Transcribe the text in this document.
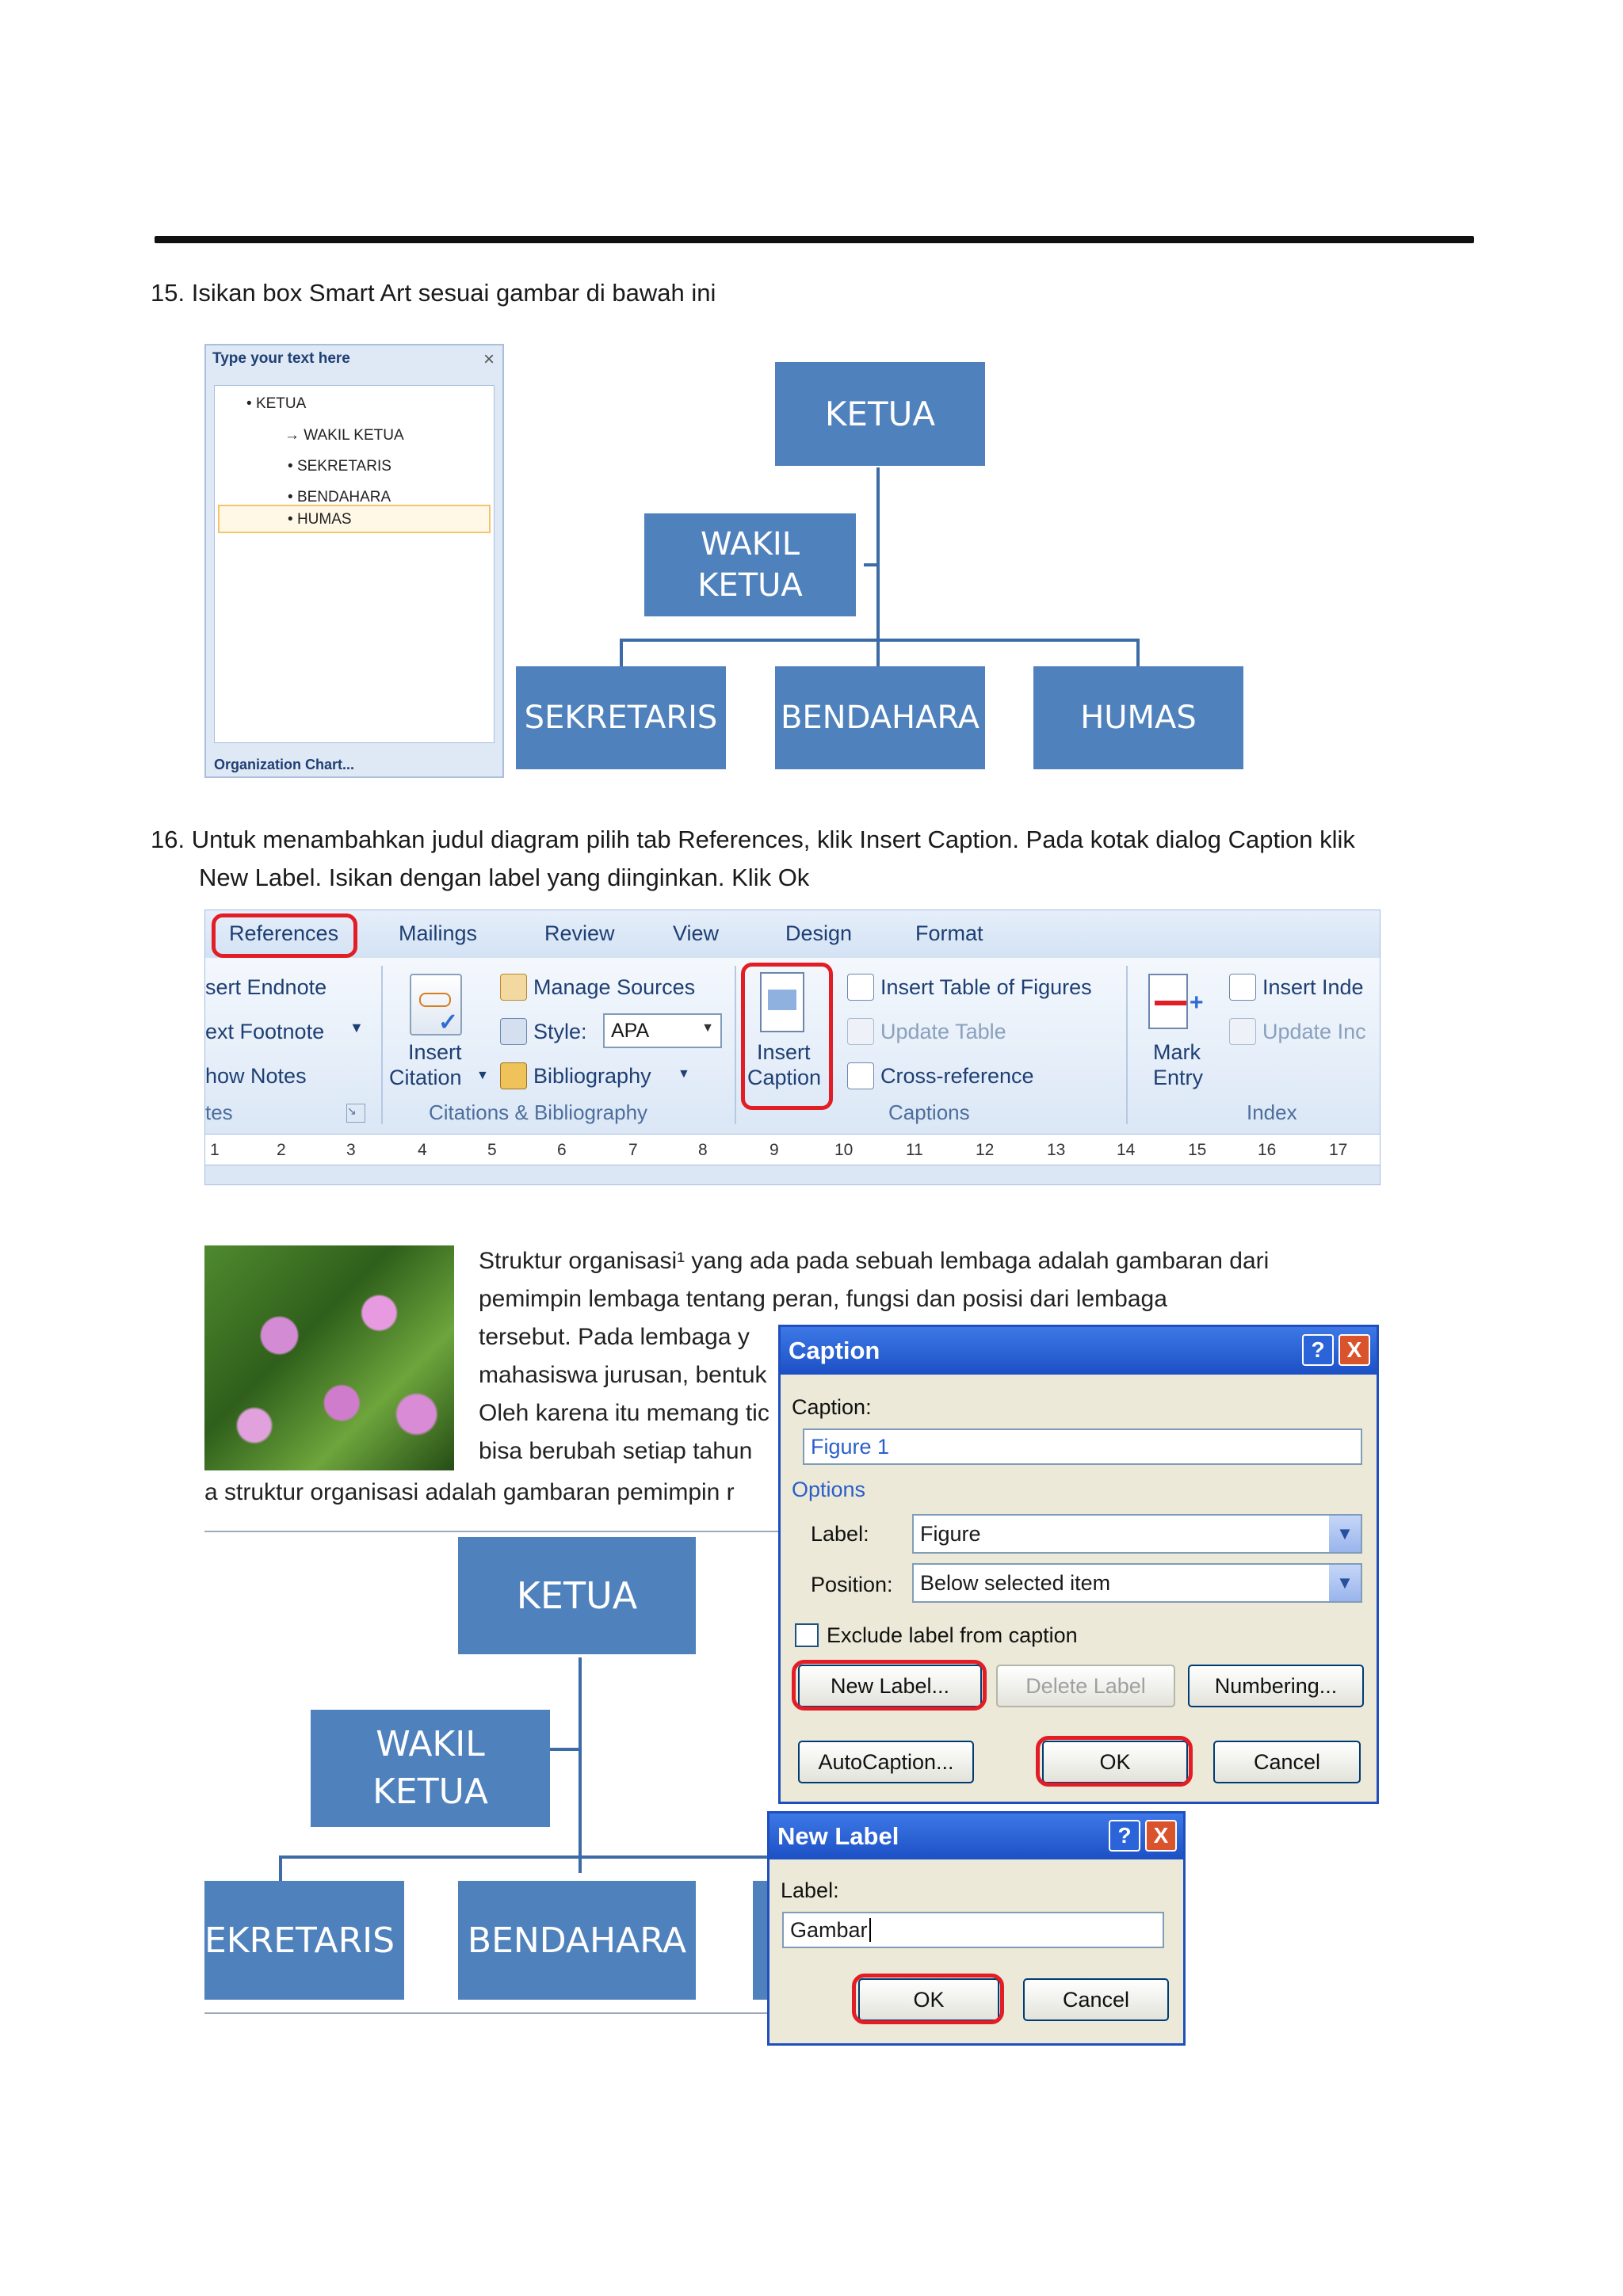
15. Isikan box Smart Art sesuai gambar di bawah ini
Type your text here	×
• KETUA
→ WAKIL KETUA
• SEKRETARIS
• BENDAHARA
• HUMAS
Organization Chart...
KETUA
WAKIL
KETUA
SEKRETARIS BENDAHARA	HUMAS
16. Untuk menambahkan judul diagram pilih tab References, klik Insert Caption. Pada kotak dialog Caption klik
New Label. Isikan dengan label yang diinginkan. Klik Ok
References	Mailings	Review	View	Design	Format
sert Endnote
ext Footnote ▼
how Notes
tes	↘
✓
Insert
Citation ▼
Manage Sources
Style: APA	▼
Bibliography ▼
Citations & Bibliography
Insert
Caption
Insert Table of Figures
Update Table
Cross-reference
Captions
+
Mark
Entry
Insert Inde
Update Inc
Index
1	2	3	4	5	6	7	8	9	10	11	12	13	14	15	16	17
Struktur organisasi¹ yang ada pada sebuah lembaga adalah gambaran dari
pemimpin lembaga tentang peran, fungsi dan posisi dari lembaga
tersebut. Pada lembaga y
mahasiswa jurusan, bentuk
Oleh karena itu memang tic
bisa berubah setiap tahun
a struktur organisasi adalah gambaran pemimpin r
KETUA
WAKIL
KETUA
EKRETARIS BENDAHARA
Caption	?	X
Caption:
Figure 1
Options
Label: Figure	▼
Position: Below selected item	▼
Exclude label from caption
New Label...	Delete Label	Numbering...
AutoCaption...	OK	Cancel
New Label	?	X
Label:
Gambar
OK	Cancel
